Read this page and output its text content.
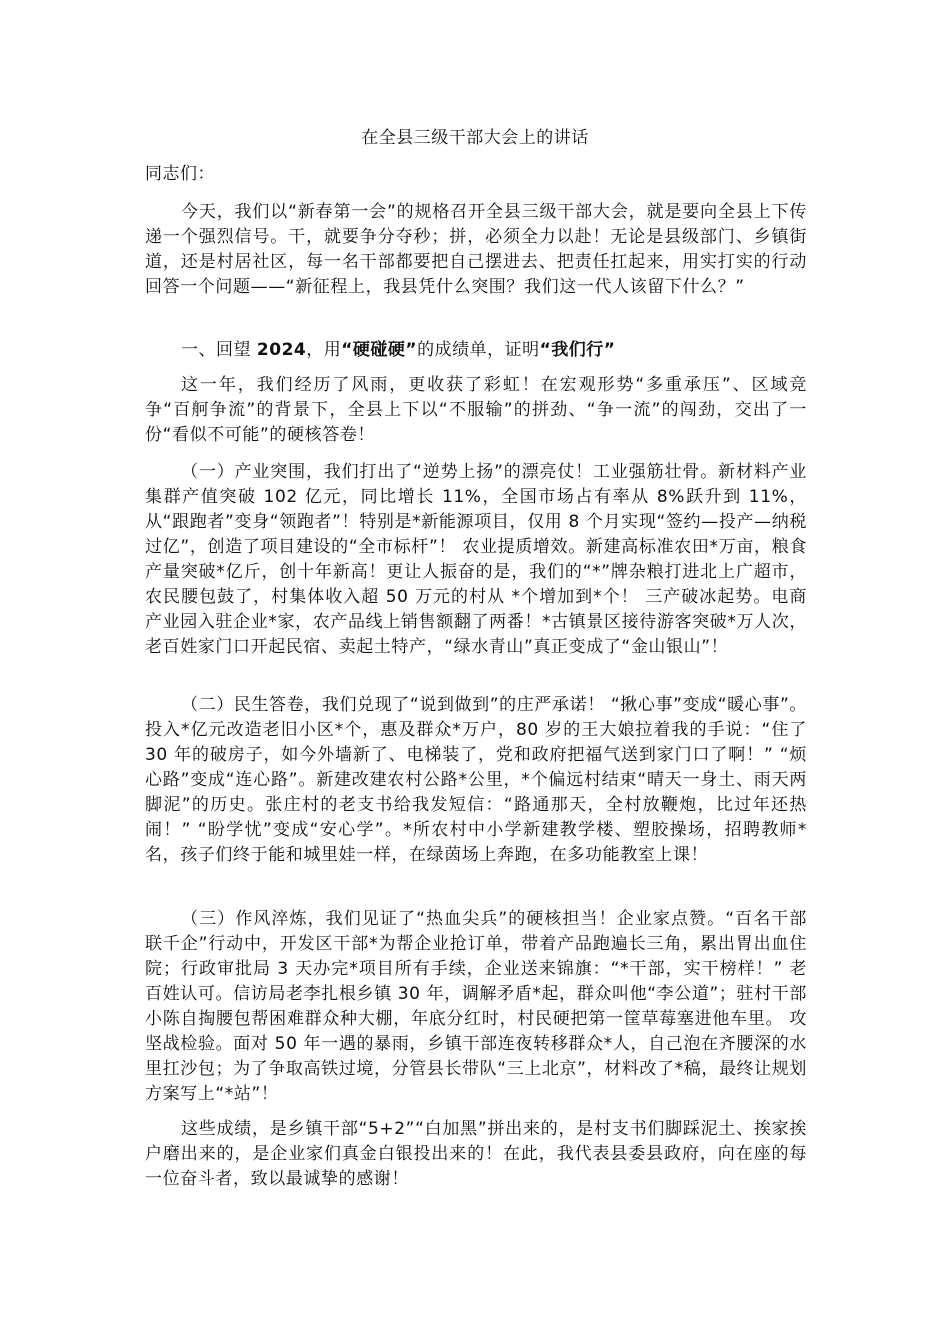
在全县三级干部大会上的讲话
同志们：

今天，我们以“新春第一会”的规格召开全县三级干部大会，就是要向全县上下传递一个强烈信号。干，就要争分夺秒；拼，必须全力以赴！无论是县级部门、乡镇街道，还是村居社区，每一名干部都要把自己摆进去、把责任扛起来，用实打实的行动回答一个问题——“新征程上，我县凭什么突围？我们这一代人该留下什么？”

一、回望 2024，用“硬碰硬”的成绩单，证明“我们行”

这一年，我们经历了风雨，更收获了彩虹！在宏观形势“多重承压”、区域竞争“百舸争流”的背景下，全县上下以“不服输”的拼劲、“争一流”的闯劲，交出了一份“看似不可能”的硬核答卷！

（一）产业突围，我们打出了“逆势上扬”的漂亮仗！工业强筋壮骨。新材料产业集群产值突破 102 亿元，同比增长 11%，全国市场占有率从 8%跃升到 11%，从“跟跑者”变身“领跑者”！特别是*新能源项目，仅用 8 个月实现“签约—投产—纳税过亿”，创造了项目建设的“全市标杆”！ 农业提质增效。新建高标准农田*万亩，粮食产量突破*亿斤，创十年新高！更让人振奋的是，我们的“*”牌杂粮打进北上广超市，农民腰包鼓了，村集体收入超 50 万元的村从 *个增加到*个！ 三产破冰起势。电商产业园入驻企业*家，农产品线上销售额翻了两番！*古镇景区接待游客突破*万人次，老百姓家门口开起民宿、卖起土特产，“绿水青山”真正变成了“金山银山”！

（二）民生答卷，我们兑现了“说到做到”的庄严承诺！ “揪心事”变成“暖心事”。投入*亿元改造老旧小区*个，惠及群众*万户，80 岁的王大娘拉着我的手说：“住了 30 年的破房子，如今外墙新了、电梯装了，党和政府把福气送到家门口了啊！” “烦心路”变成“连心路”。新建改建农村公路*公里，*个偏远村结束“晴天一身土、雨天两脚泥”的历史。张庄村的老支书给我发短信：“路通那天，全村放鞭炮，比过年还热闹！” “盼学忧”变成“安心学”。*所农村中小学新建教学楼、塑胶操场，招聘教师*名，孩子们终于能和城里娃一样，在绿茵场上奔跑，在多功能教室上课！

（三）作风淬炼，我们见证了“热血尖兵”的硬核担当！企业家点赞。“百名干部联千企”行动中，开发区干部*为帮企业抢订单，带着产品跑遍长三角，累出胃出血住院；行政审批局 3 天办完*项目所有手续，企业送来锦旗：“*干部，实干榜样！” 老百姓认可。信访局老李扎根乡镇 30 年，调解矛盾*起，群众叫他“李公道”；驻村干部小陈自掏腰包帮困难群众种大棚，年底分红时，村民硬把第一筐草莓塞进他车里。 攻坚战检验。面对 50 年一遇的暴雨，乡镇干部连夜转移群众*人，自己泡在齐腰深的水里扛沙包；为了争取高铁过境，分管县长带队“三上北京”，材料改了*稿，最终让规划方案写上“*站”！

这些成绩，是乡镇干部“5+2”“白加黑”拼出来的，是村支书们脚踩泥土、挨家挨户磨出来的，是企业家们真金白银投出来的！在此，我代表县委县政府，向在座的每一位奋斗者，致以最诚挚的感谢！
